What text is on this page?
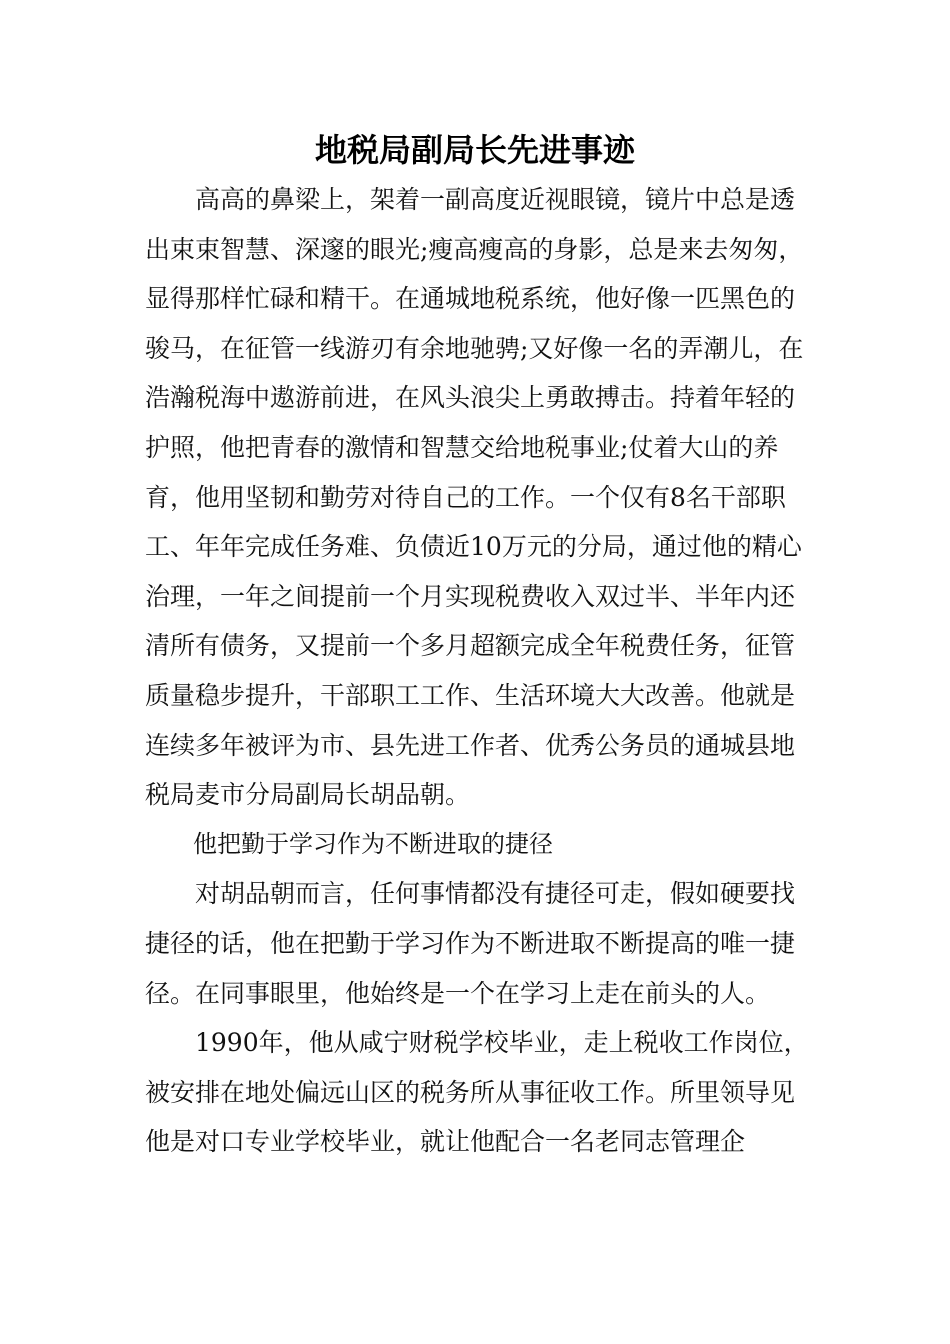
地税局副局长先进事迹

高高的鼻梁上，架着一副高度近视眼镜，镜片中总是透出束束智慧、深邃的眼光;瘦高瘦高的身影，总是来去匆匆，显得那样忙碌和精干。在通城地税系统，他好像一匹黑色的骏马，在征管一线游刃有余地驰骋;又好像一名的弄潮儿，在浩瀚税海中遨游前进，在风头浪尖上勇敢搏击。持着年轻的护照，他把青春的激情和智慧交给地税事业;仗着大山的养育，他用坚韧和勤劳对待自己的工作。一个仅有8名干部职工、年年完成任务难、负债近10万元的分局，通过他的精心治理，一年之间提前一个月实现税费收入双过半、半年内还清所有债务，又提前一个多月超额完成全年税费任务，征管质量稳步提升，干部职工工作、生活环境大大改善。他就是连续多年被评为市、县先进工作者、优秀公务员的通城县地税局麦市分局副局长胡品朝。

他把勤于学习作为不断进取的捷径

对胡品朝而言，任何事情都没有捷径可走，假如硬要找捷径的话，他在把勤于学习作为不断进取不断提高的唯一捷径。在同事眼里，他始终是一个在学习上走在前头的人。

1990年，他从咸宁财税学校毕业，走上税收工作岗位，被安排在地处偏远山区的税务所从事征收工作。所里领导见他是对口专业学校毕业，就让他配合一名老同志管理企
